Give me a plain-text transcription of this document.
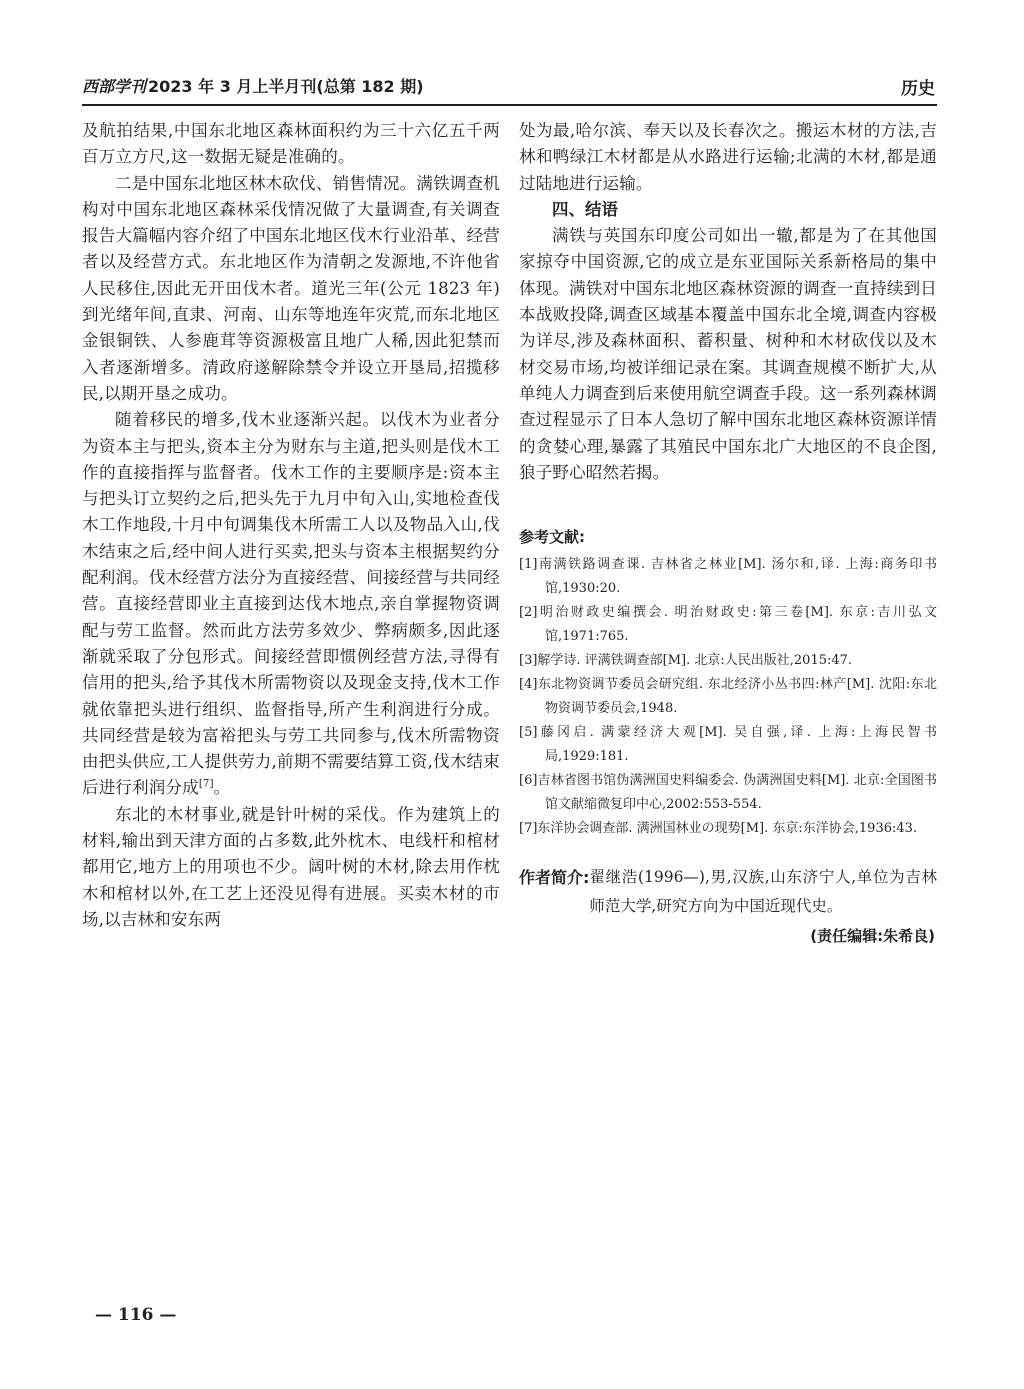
西部学刊 2023 年 3 月上半月刊(总第 182 期)	历史

及航拍结果,中国东北地区森林面积约为三十六亿五千两百万立方尺,这一数据无疑是准确的。

二是中国东北地区林木砍伐、销售情况。满铁调查机构对中国东北地区森林采伐情况做了大量调查,有关调查报告大篇幅内容介绍了中国东北地区伐木行业沿革、经营者以及经营方式。东北地区作为清朝之发源地,不许他省人民移住,因此无开田伐木者。道光三年(公元 1823 年)到光绪年间,直隶、河南、山东等地连年灾荒,而东北地区金银铜铁、人参鹿茸等资源极富且地广人稀,因此犯禁而入者逐渐增多。清政府遂解除禁令并设立开垦局,招揽移民,以期开垦之成功。

随着移民的增多,伐木业逐渐兴起。以伐木为业者分为资本主与把头,资本主分为财东与主道,把头则是伐木工作的直接指挥与监督者。伐木工作的主要顺序是:资本主与把头订立契约之后,把头先于九月中旬入山,实地检查伐木工作地段,十月中旬调集伐木所需工人以及物品入山,伐木结束之后,经中间人进行买卖,把头与资本主根据契约分配利润。伐木经营方法分为直接经营、间接经营与共同经营。直接经营即业主直接到达伐木地点,亲自掌握物资调配与劳工监督。然而此方法劳多效少、弊病颇多,因此逐渐就采取了分包形式。间接经营即惯例经营方法,寻得有信用的把头,给予其伐木所需物资以及现金支持,伐木工作就依靠把头进行组织、监督指导,所产生利润进行分成。共同经营是较为富裕把头与劳工共同参与,伐木所需物资由把头供应,工人提供劳力,前期不需要结算工资,伐木结束后进行利润分成[7]。

东北的木材事业,就是针叶树的采伐。作为建筑上的材料,输出到天津方面的占多数,此外枕木、电线杆和棺材都用它,地方上的用项也不少。阔叶树的木材,除去用作枕木和棺材以外,在工艺上还没见得有进展。买卖木材的市场,以吉林和安东两

处为最,哈尔滨、奉天以及长春次之。搬运木材的方法,吉林和鸭绿江木材都是从水路进行运输;北满的木材,都是通过陆地进行运输。

四、结语

满铁与英国东印度公司如出一辙,都是为了在其他国家掠夺中国资源,它的成立是东亚国际关系新格局的集中体现。满铁对中国东北地区森林资源的调查一直持续到日本战败投降,调查区域基本覆盖中国东北全境,调查内容极为详尽,涉及森林面积、蓄积量、树种和木材砍伐以及木材交易市场,均被详细记录在案。其调查规模不断扩大,从单纯人力调查到后来使用航空调查手段。这一系列森林调查过程显示了日本人急切了解中国东北地区森林资源详情的贪婪心理,暴露了其殖民中国东北广大地区的不良企图,狼子野心昭然若揭。

参考文献:
[1]南满铁路调查课. 吉林省之林业[M]. 汤尔和,译. 上海:商务印书馆,1930:20.
[2]明治财政史编撰会. 明治财政史:第三卷[M]. 东京:吉川弘文馆,1971:765.
[3]解学诗. 评满铁调查部[M]. 北京:人民出版社,2015:47.
[4]东北物资调节委员会研究组. 东北经济小丛书四:林产[M]. 沈阳:东北物资调节委员会,1948.
[5]藤冈启. 满蒙经济大观[M]. 吴自强,译. 上海:上海民智书局,1929:181.
[6]吉林省图书馆伪满洲国史料编委会. 伪满洲国史料[M]. 北京:全国图书馆文献缩微复印中心,2002:553-554.
[7]东洋协会调查部. 满洲国林业の现势[M]. 东京:东洋协会,1936:43.
作者简介: 翟继浩(1996—),男,汉族,山东济宁人,单位为吉林师范大学,研究方向为中国近现代史。
(责任编辑:朱希良)
— 116 —
